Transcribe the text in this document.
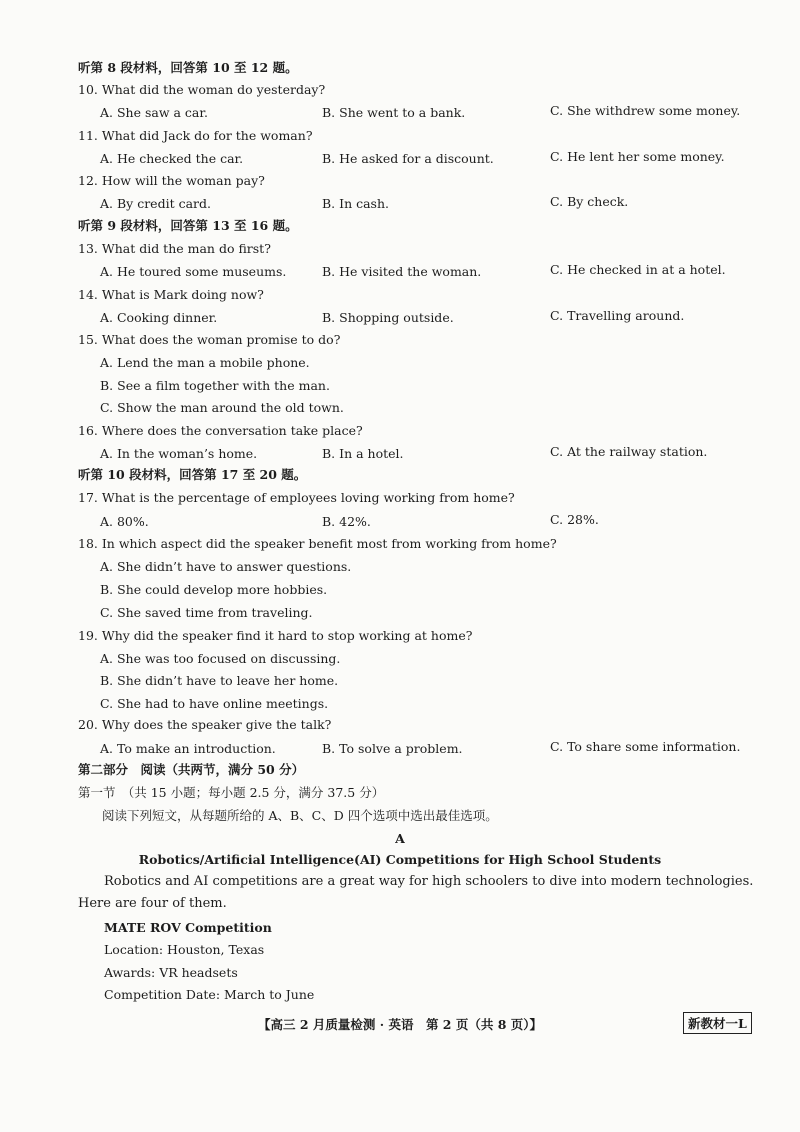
听第 8 段材料，回答第 10 至 12 题。
10. What did the woman do yesterday?
A. She saw a car.	B. She went to a bank.	C. She withdrew some money.
11. What did Jack do for the woman?
A. He checked the car.	B. He asked for a discount.	C. He lent her some money.
12. How will the woman pay?
A. By credit card.	B. In cash.	C. By check.
听第 9 段材料，回答第 13 至 16 题。
13. What did the man do first?
A. He toured some museums.	B. He visited the woman.	C. He checked in at a hotel.
14. What is Mark doing now?
A. Cooking dinner.	B. Shopping outside.	C. Travelling around.
15. What does the woman promise to do?
A. Lend the man a mobile phone.
B. See a film together with the man.
C. Show the man around the old town.
16. Where does the conversation take place?
A. In the woman’s home.	B. In a hotel.	C. At the railway station.
听第 10 段材料，回答第 17 至 20 题。
17. What is the percentage of employees loving working from home?
A. 80%.	B. 42%.	C. 28%.
18. In which aspect did the speaker benefit most from working from home?
A. She didn’t have to answer questions.
B. She could develop more hobbies.
C. She saved time from traveling.
19. Why did the speaker find it hard to stop working at home?
A. She was too focused on discussing.
B. She didn’t have to leave her home.
C. She had to have online meetings.
20. Why does the speaker give the talk?
A. To make an introduction.	B. To solve a problem.	C. To share some information.
第二部分　阅读（共两节，满分 50 分）
第一节　（共 15 小题；每小题 2.5 分，满分 37.5 分）
阅读下列短文，从每题所给的 A、B、C、D 四个选项中选出最佳选项。
A
Robotics/Artificial Intelligence(AI) Competitions for High School Students
Robotics and AI competitions are a great way for high schoolers to dive into modern technologies. Here are four of them.
MATE ROV Competition
Location: Houston, Texas
Awards: VR headsets
Competition Date: March to June
【高三 2 月质量检测 · 英语　第 2 页（共 8 页）】	新教材一L
